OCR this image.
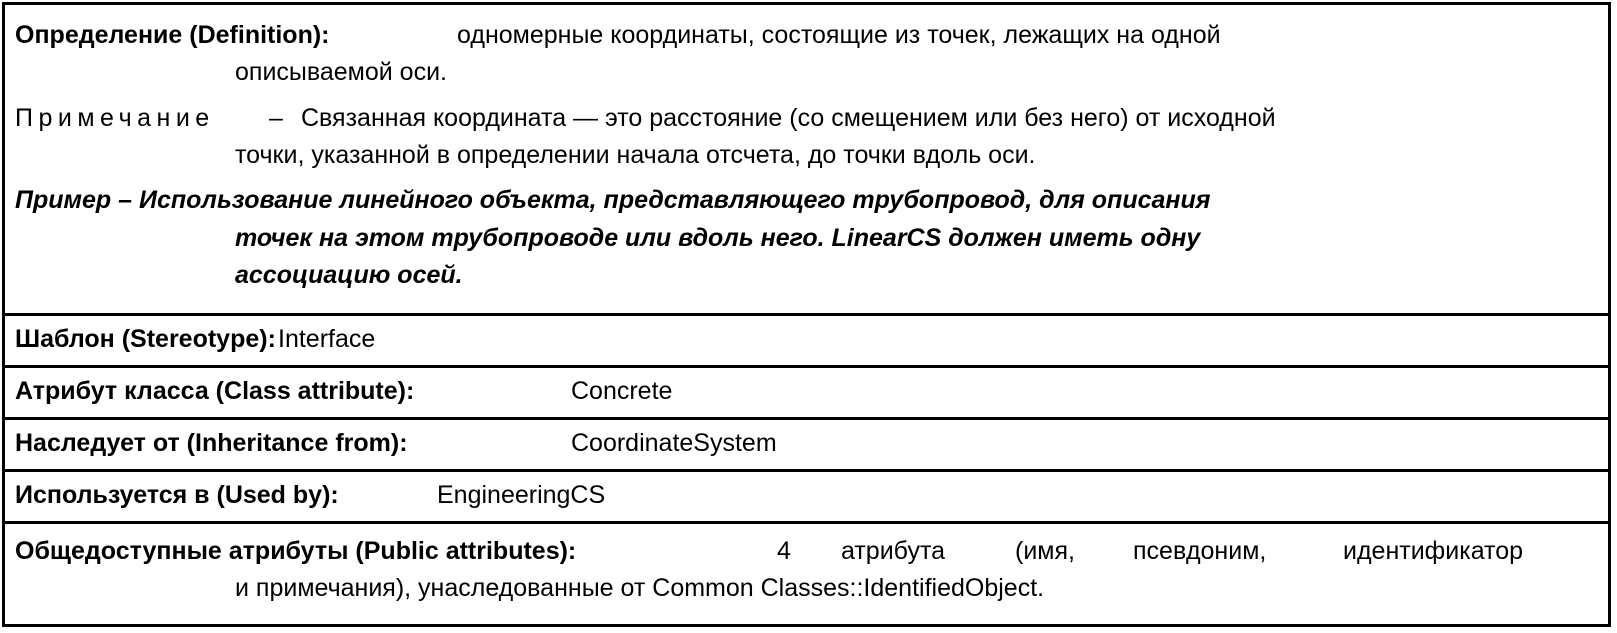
Определение (Definition):	одномерные координаты, состоящие из точек, лежащих на одной
описываемой оси.
Примечание – Связанная координата — это расстояние (со смещением или без него) от исходной
точки, указанной в определении начала отсчета, до точки вдоль оси.
Пример – Использование линейного объекта, представляющего трубопровод, для описания
точек на этом трубопроводе или вдоль него. LinearCS должен иметь одну
ассоциацию осей.
Шаблон (Stereotype): Interface
Атрибут класса (Class attribute):	Concrete
Наследует от (Inheritance from):	CoordinateSystem
Используется в (Used by):	EngineeringCS
Общедоступные атрибуты (Public attributes):	4 атрибута	(имя, псевдоним,	идентификатор
и примечания), унаследованные от Common Classes::IdentifiedObject.
